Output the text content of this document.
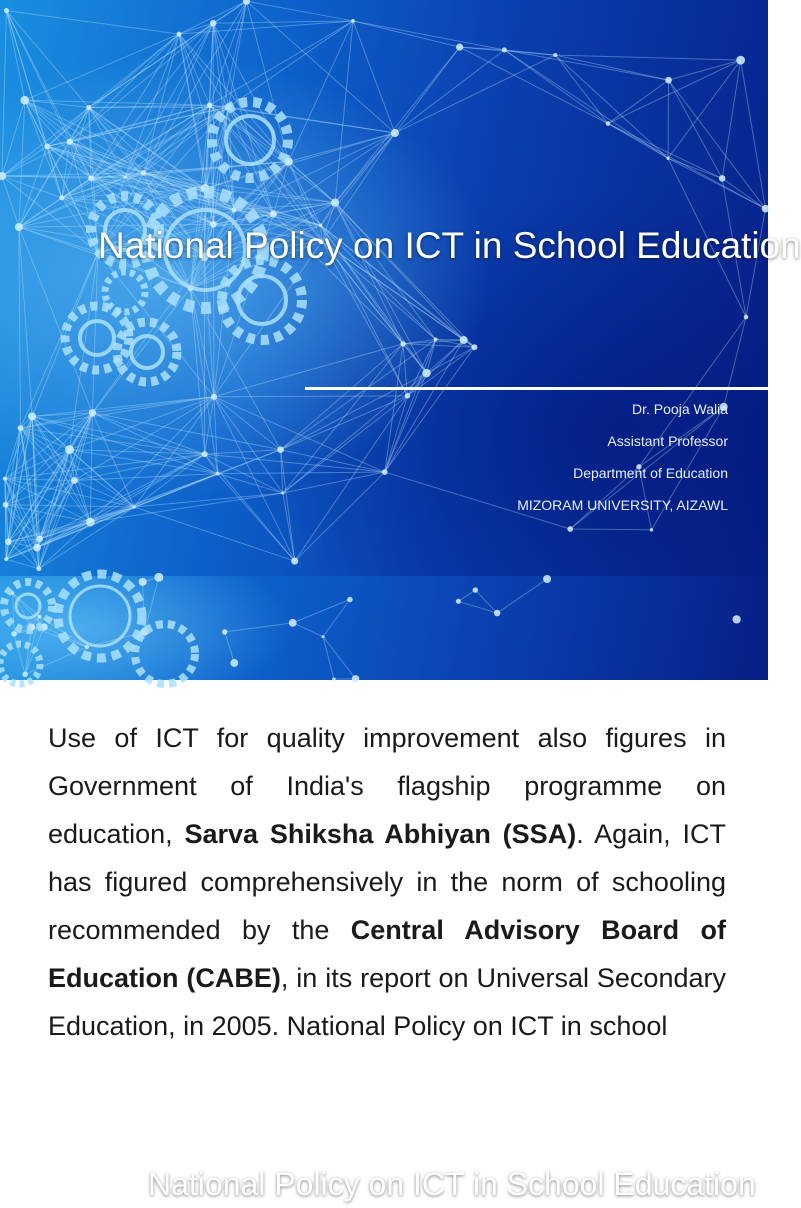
National Policy on ICT in School Education
Dr. Pooja Walia
Assistant Professor
Department of Education
MIZORAM UNIVERSITY, AIZAWL
National Policy on ICT in School Education
Use of ICT for quality improvement also figures in Government of India's flagship programme on education, Sarva Shiksha Abhiyan (SSA). Again, ICT has figured comprehensively in the norm of schooling recommended by the Central Advisory Board of Education (CABE), in its report on Universal Secondary Education, in 2005. National Policy on ICT in school
